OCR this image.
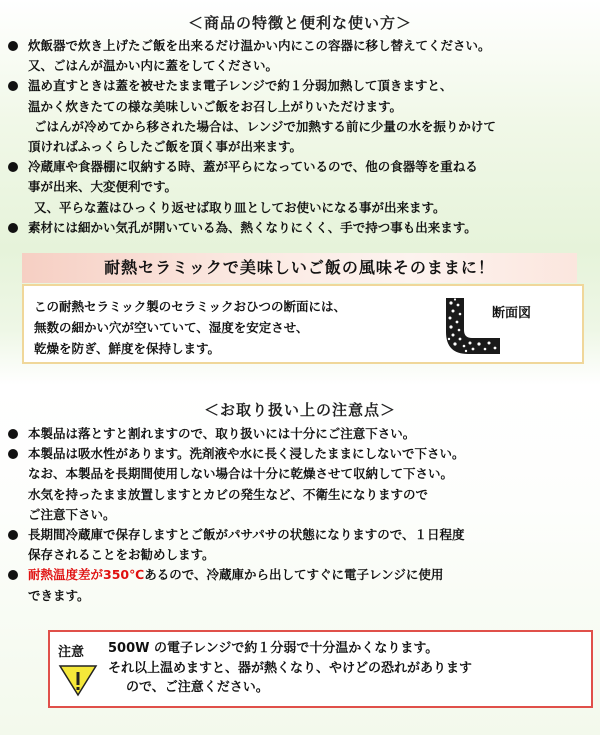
＜商品の特徴と便利な使い方＞
炊飯器で炊き上げたご飯を出来るだけ温かい内にこの容器に移し替えてください。
又、ごはんが温かい内に蓋をしてください。
温め直すときは蓋を被せたまま電子レンジで約１分弱加熱して頂きますと、
温かく炊きたての様な美味しいご飯をお召し上がりいただけます。
ごはんが冷めてから移された場合は、レンジで加熱する前に少量の水を振りかけて
頂ければふっくらしたご飯を頂く事が出来ます。
冷蔵庫や食器棚に収納する時、蓋が平らになっているので、他の食器等を重ねる
事が出来、大変便利です。
又、平らな蓋はひっくり返せば取り皿としてお使いになる事が出来ます。
素材には細かい気孔が開いている為、熱くなりにくく、手で持つ事も出来ます。
耐熱セラミックで美味しいご飯の風味そのままに！
この耐熱セラミック製のセラミックおひつの断面には、
無数の細かい穴が空いていて、湿度を安定させ、
乾燥を防ぎ、鮮度を保持します。
断面図
＜お取り扱い上の注意点＞
本製品は落とすと割れますので、取り扱いには十分にご注意下さい。
本製品は吸水性があります。洗剤液や水に長く浸したままにしないで下さい。
なお、本製品を長期間使用しない場合は十分に乾燥させて収納して下さい。
水気を持ったまま放置しますとカビの発生など、不衛生になりますので
ご注意下さい。
長期間冷蔵庫で保存しますとご飯がパサパサの状態になりますので、１日程度
保存されることをお勧めします。
耐熱温度差が350℃あるので、冷蔵庫から出してすぐに電子レンジに使用
できます。
注意 500W の電子レンジで約１分弱で十分温かくなります。
それ以上温めますと、器が熱くなり、やけどの恐れがあります
ので、ご注意ください。
